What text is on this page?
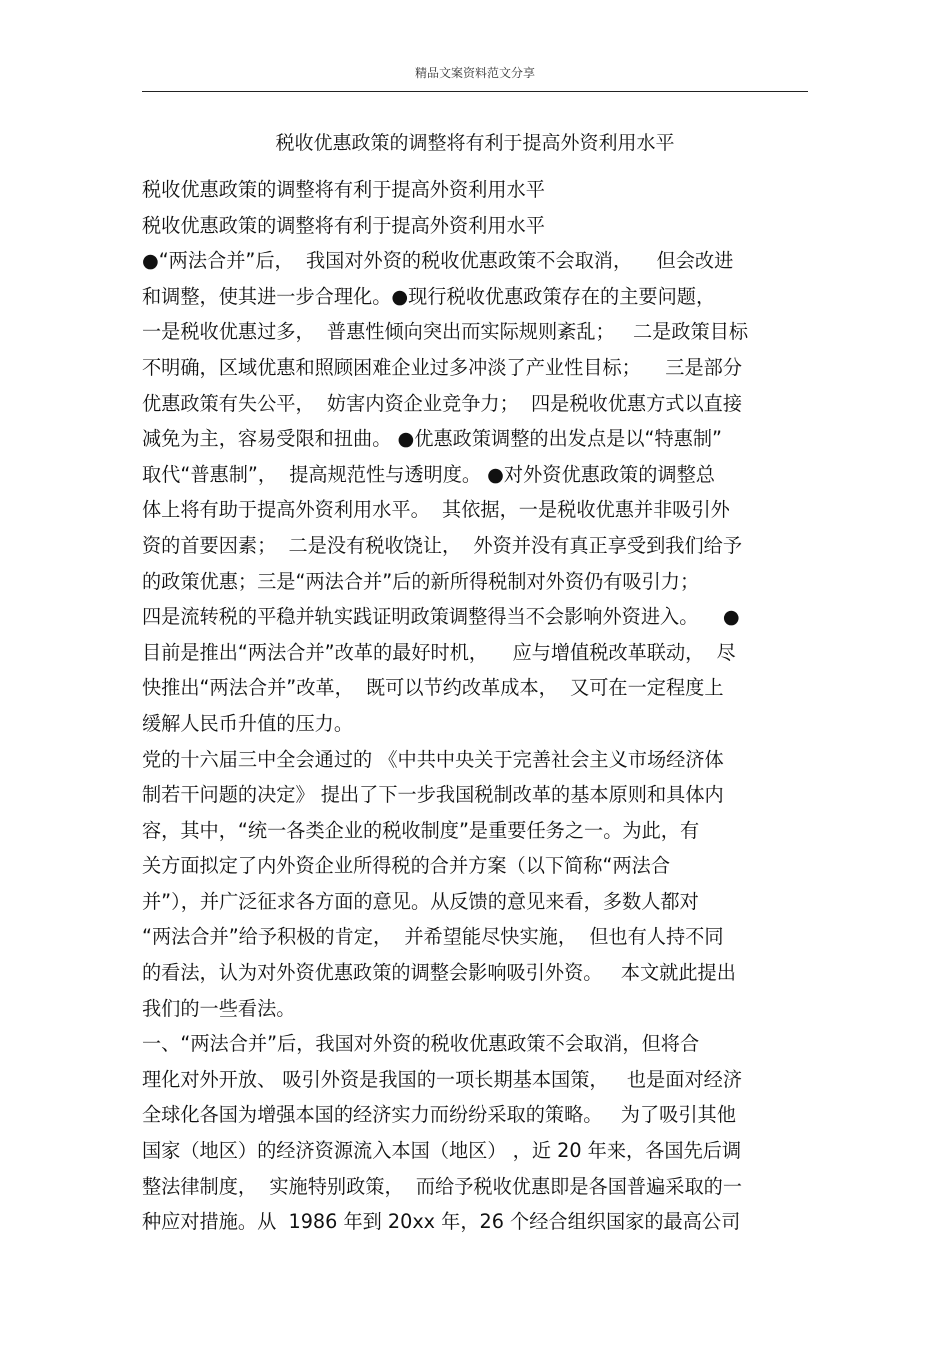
精品文案资料范文分享
税收优惠政策的调整将有利于提高外资利用水平
税收优惠政策的调整将有利于提高外资利用水平
税收优惠政策的调整将有利于提高外资利用水平
●“两法合并”后，  我国对外资的税收优惠政策不会取消，    但会改进
和调整，使其进一步合理化。●现行税收优惠政策存在的主要问题，
一是税收优惠过多，  普惠性倾向突出而实际规则紊乱；   二是政策目标
不明确，区域优惠和照顾困难企业过多冲淡了产业性目标；    三是部分
优惠政策有失公平，  妨害内资企业竞争力；  四是税收优惠方式以直接
减免为主，容易受限和扭曲。 ●优惠政策调整的出发点是以“特惠制”
取代“普惠制”，  提高规范性与透明度。 ●对外资优惠政策的调整总
体上将有助于提高外资利用水平。  其依据，一是税收优惠并非吸引外
资的首要因素；  二是没有税收饶让，  外资并没有真正享受到我们给予
的政策优惠；三是“两法合并”后的新所得税制对外资仍有吸引力；
四是流转税的平稳并轨实践证明政策调整得当不会影响外资进入。    ●
目前是推出“两法合并”改革的最好时机，    应与增值税改革联动，  尽
快推出“两法合并”改革，  既可以节约改革成本，  又可在一定程度上
缓解人民币升值的压力。
党的十六届三中全会通过的 《中共中央关于完善社会主义市场经济体
制若干问题的决定》 提出了下一步我国税制改革的基本原则和具体内
容，其中，“统一各类企业的税收制度”是重要任务之一。为此，有
关方面拟定了内外资企业所得税的合并方案（以下简称“两法合
并”），并广泛征求各方面的意见。从反馈的意见来看，多数人都对
“两法合并”给予积极的肯定，  并希望能尽快实施，  但也有人持不同
的看法，认为对外资优惠政策的调整会影响吸引外资。   本文就此提出
我们的一些看法。
一、“两法合并”后，我国对外资的税收优惠政策不会取消，但将合
理化对外开放、 吸引外资是我国的一项长期基本国策，   也是面对经济
全球化各国为增强本国的经济实力而纷纷采取的策略。   为了吸引其他
国家（地区）的经济资源流入本国（地区） ，近 20 年来，各国先后调
整法律制度，  实施特别政策，  而给予税收优惠即是各国普遍采取的一
种应对措施。从  1986 年到 20xx 年，26 个经合组织国家的最高公司
